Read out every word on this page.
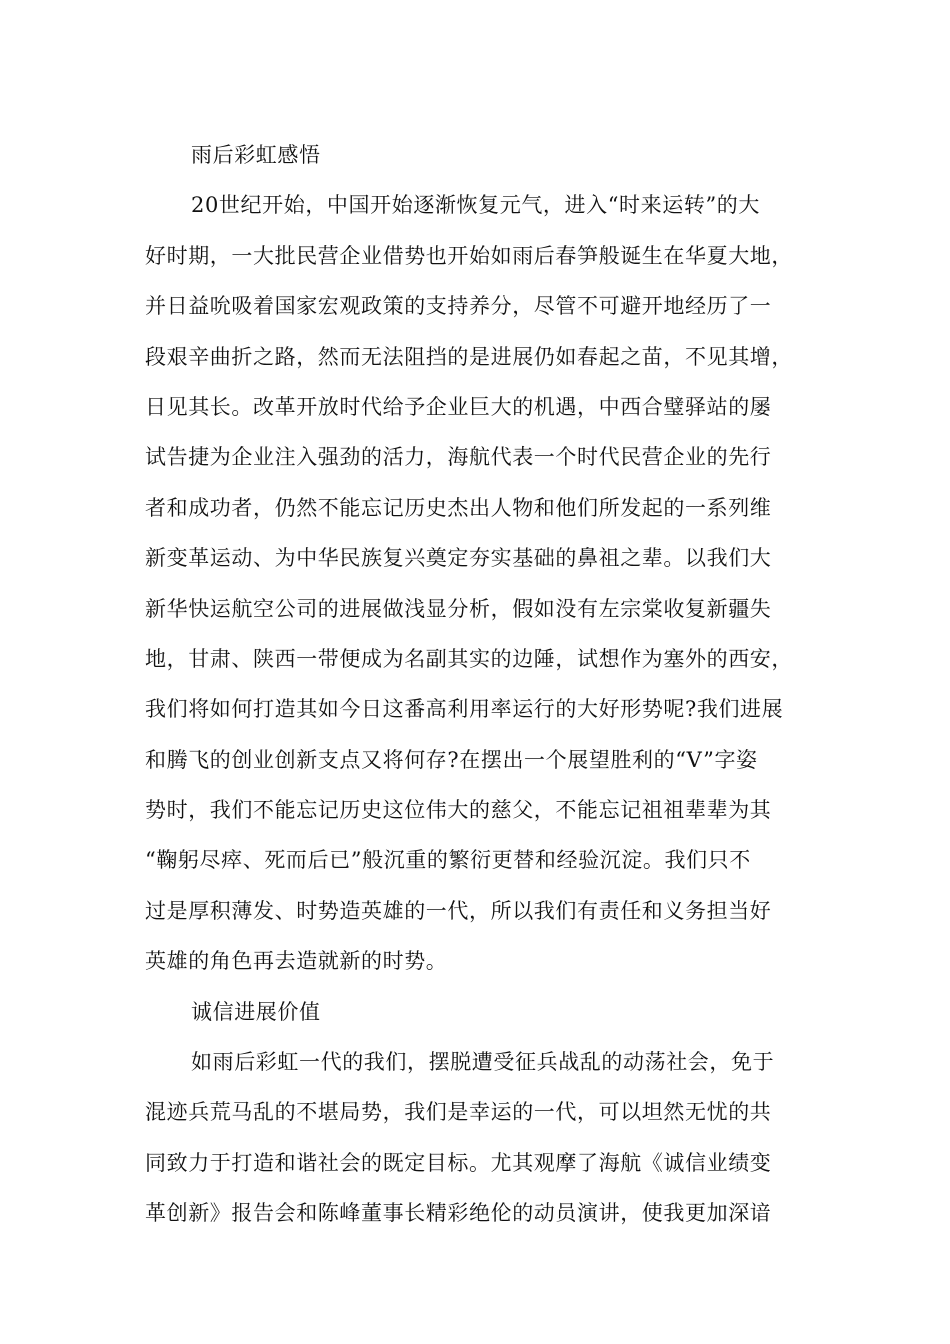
雨后彩虹感悟
20世纪开始，中国开始逐渐恢复元气，进入“时来运转”的大
好时期，一大批民营企业借势也开始如雨后春笋般诞生在华夏大地，
并日益吮吸着国家宏观政策的支持养分，尽管不可避开地经历了一
段艰辛曲折之路，然而无法阻挡的是进展仍如春起之苗，不见其增，
日见其长。改革开放时代给予企业巨大的机遇，中西合璧驿站的屡
试告捷为企业注入强劲的活力，海航代表一个时代民营企业的先行
者和成功者，仍然不能忘记历史杰出人物和他们所发起的一系列维
新变革运动、为中华民族复兴奠定夯实基础的鼻祖之辈。以我们大
新华快运航空公司的进展做浅显分析，假如没有左宗棠收复新疆失
地，甘肃、陕西一带便成为名副其实的边陲，试想作为塞外的西安，
我们将如何打造其如今日这番高利用率运行的大好形势呢?我们进展
和腾飞的创业创新支点又将何存?在摆出一个展望胜利的“V”字姿
势时，我们不能忘记历史这位伟大的慈父，不能忘记祖祖辈辈为其
“鞠躬尽瘁、死而后已”般沉重的繁衍更替和经验沉淀。我们只不
过是厚积薄发、时势造英雄的一代，所以我们有责任和义务担当好
英雄的角色再去造就新的时势。
诚信进展价值
如雨后彩虹一代的我们，摆脱遭受征兵战乱的动荡社会，免于
混迹兵荒马乱的不堪局势，我们是幸运的一代，可以坦然无忧的共
同致力于打造和谐社会的既定目标。尤其观摩了海航《诚信业绩变
革创新》报告会和陈峰董事长精彩绝伦的动员演讲，使我更加深谙
